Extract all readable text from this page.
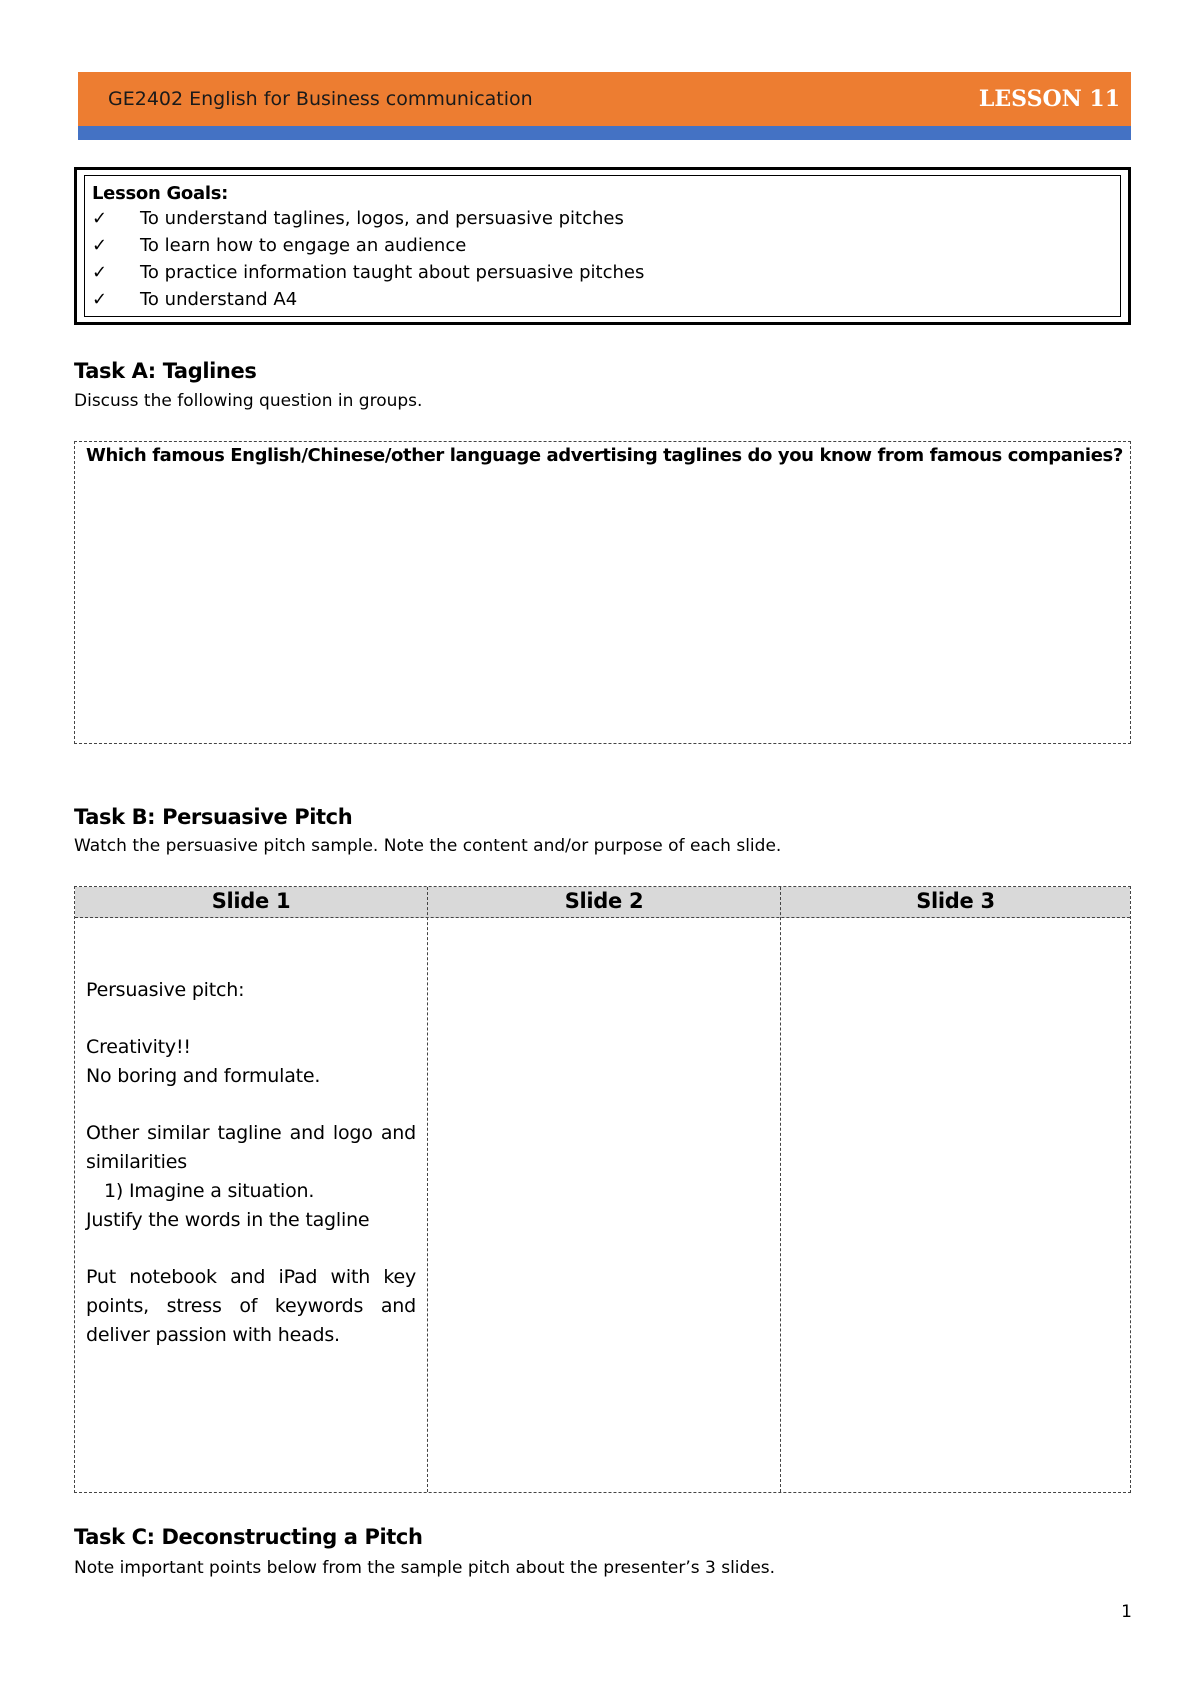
GE2402 English for Business communication	LESSON 11
Lesson Goals:
✓ To understand taglines, logos, and persuasive pitches
✓ To learn how to engage an audience
✓ To practice information taught about persuasive pitches
✓ To understand A4
Task A: Taglines
Discuss the following question in groups.
Which famous English/Chinese/other language advertising taglines do you know from famous companies?
Task B: Persuasive Pitch
Watch the persuasive pitch sample. Note the content and/or purpose of each slide.
Slide 1	Slide 2	Slide 3

Persuasive pitch:

Creativity!!

No boring and formulate.

Other similar tagline and logo and similarities

1) Imagine a situation.

Justify the words in the tagline

Put notebook and iPad with key points, stress of keywords and deliver passion with heads.

Task C: Deconstructing a Pitch
Note important points below from the sample pitch about the presenter’s 3 slides.
1
